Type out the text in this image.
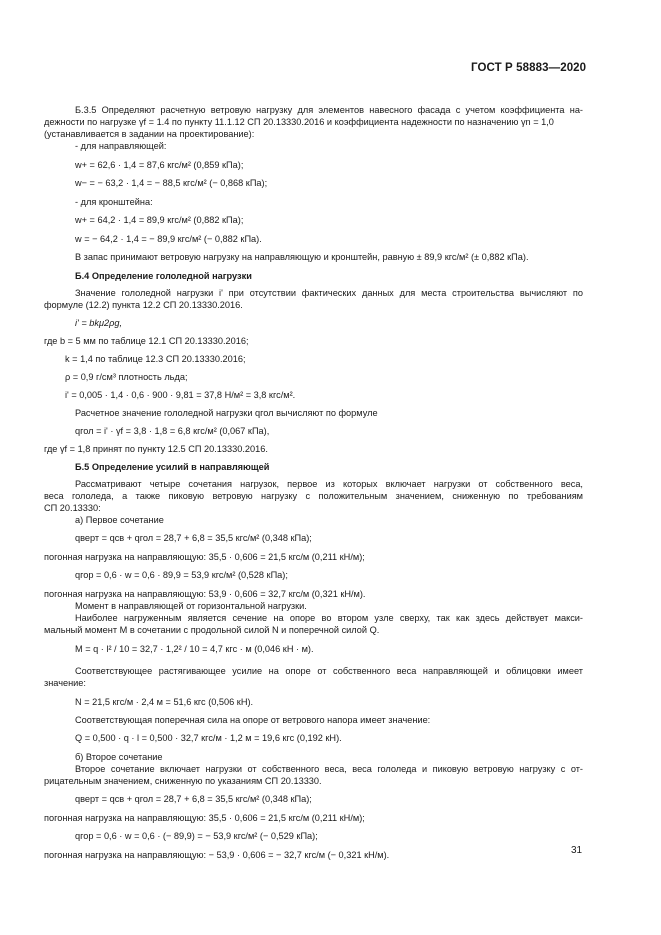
ГОСТ Р 58883—2020
Б.3.5 Определяют расчетную ветровую нагрузку для элементов навесного фасада с учетом коэффициента на-
дежности по нагрузке γf = 1.4 по пункту 11.1.12 СП 20.13330.2016 и коэффициента надежности по назначению γn = 1,0
(устанавливается в задании на проектирование):
- для направляющей:
w+ = 62,6 · 1,4 = 87,6 кгс/м² (0,859 кПа);
w− = − 63,2 · 1,4 = − 88,5 кгс/м² (− 0,868 кПа);
- для кронштейна:
w+ = 64,2 · 1,4 = 89,9 кгс/м² (0,882 кПа);
w = − 64,2 · 1,4 = − 89,9 кгс/м² (− 0,882 кПа).
В запас принимают ветровую нагрузку на направляющую и кронштейн, равную ± 89,9 кгс/м² (± 0,882 кПа).
Б.4 Определение гололедной нагрузки
Значение гололедной нагрузки i' при отсутствии фактических данных для места строительства вычисляют по
формуле (12.2) пункта 12.2 СП 20.13330.2016.
i' = bkμ2ρg,
где b = 5 мм по таблице 12.1 СП 20.13330.2016;
k = 1,4 по таблице 12.3 СП 20.13330.2016;
ρ = 0,9 г/см³ плотность льда;
i' = 0,005 · 1,4 · 0,6 · 900 · 9,81 = 37,8 Н/м² = 3,8 кгс/м².
Расчетное значение гололедной нагрузки qгол вычисляют по формуле
qгол = i' · γf = 3,8 · 1,8 = 6,8 кгс/м² (0,067 кПа),
где γf = 1,8 принят по пункту 12.5 СП 20.13330.2016.
Б.5 Определение усилий в направляющей
Рассматривают четыре сочетания нагрузок, первое из которых включает нагрузки от собственного веса,
веса гололеда, а также пиковую ветровую нагрузку с положительным значением, сниженную по требованиям
СП 20.13330:
а) Первое сочетание
qверт = qсв + qгол = 28,7 + 6,8 = 35,5 кгс/м² (0,348 кПа);
погонная нагрузка на направляющую: 35,5 · 0,606 = 21,5 кгс/м (0,211 кН/м);
qгор = 0,6 · w = 0,6 · 89,9 = 53,9 кгс/м² (0,528 кПа);
погонная нагрузка на направляющую: 53,9 · 0,606 = 32,7 кгс/м (0,321 кН/м).
Момент в направляющей от горизонтальной нагрузки.
Наиболее нагруженным является сечение на опоре во втором узле сверху, так как здесь действует макси-
мальный момент M в сочетании с продольной силой N и поперечной силой Q.
M = q · l² / 10 = 32,7 · 1,2² / 10 = 4,7 кгс · м (0,046 кН · м).
Соответствующее растягивающее усилие на опоре от собственного веса направляющей и облицовки имеет
значение:
N = 21,5 кгс/м · 2,4 м = 51,6 кгс (0,506 кН).
Соответствующая поперечная сила на опоре от ветрового напора имеет значение:
Q = 0,500 · q · l = 0,500 · 32,7 кгс/м · 1,2 м = 19,6 кгс (0,192 кН).
б) Второе сочетание
Второе сочетание включает нагрузки от собственного веса, веса гололеда и пиковую ветровую нагрузку с от-
рицательным значением, сниженную по указаниям СП 20.13330.
qверт = qсв + qгол = 28,7 + 6,8 = 35,5 кгс/м² (0,348 кПа);
погонная нагрузка на направляющую: 35,5 · 0,606 = 21,5 кгс/м (0,211 кН/м);
qгор = 0,6 · w = 0,6 · (− 89,9) = − 53,9 кгс/м² (− 0,529 кПа);
погонная нагрузка на направляющую: − 53,9 · 0,606 = − 32,7 кгс/м (− 0,321 кН/м).	31
